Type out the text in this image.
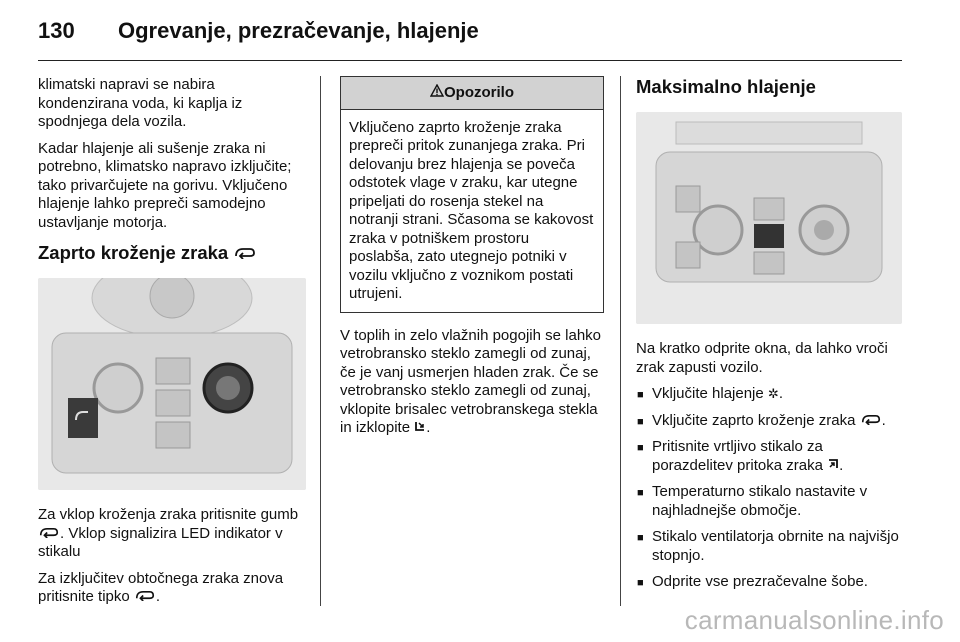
130 Ogrevanje, prezračevanje, hlajenje

klimatski napravi se nabira kondenzirana voda, ki kaplja iz spodnjega dela vozila.

Kadar hlajenje ali sušenje zraka ni potrebno, klimatsko napravo izključite; tako privarčujete na gorivu. Vključeno hlajenje lahko prepreči samodejno ustavljanje motorja.

Zaprto kroženje zraka

Za vklop kroženja zraka pritisnite gumb . Vklop signalizira LED indikator v stikalu

Za izključitev obtočnega zraka znova pritisnite tipko .

Opozorilo
Vključeno zaprto kroženje zraka prepreči pritok zunanjega zraka. Pri delovanju brez hlajenja se poveča odstotek vlage v zraku, kar utegne pripeljati do rosenja stekel na notranji strani. Sčasoma se kakovost zraka v potniškem prostoru poslabša, zato utegnejo potniki v vozilu vključno z voznikom postati utrujeni.

V toplih in zelo vlažnih pogojih se lahko vetrobransko steklo zamegli od zunaj, če je vanj usmerjen hladen zrak. Če se vetrobransko steklo zamegli od zunaj, vklopite brisalec vetrobranskega stekla in izklopite .

Maksimalno hlajenje

Na kratko odprite okna, da lahko vroči zrak zapusti vozilo.

■ Vključite hlajenje ✲.
■ Vključite zaprto kroženje zraka .
■ Pritisnite vrtljivo stikalo za porazdelitev pritoka zraka .
■ Temperaturno stikalo nastavite v najhladnejše območje.
■ Stikalo ventilatorja obrnite na najvišjo stopnjo.
■ Odprite vse prezračevalne šobe.
carmanualsonline.info
